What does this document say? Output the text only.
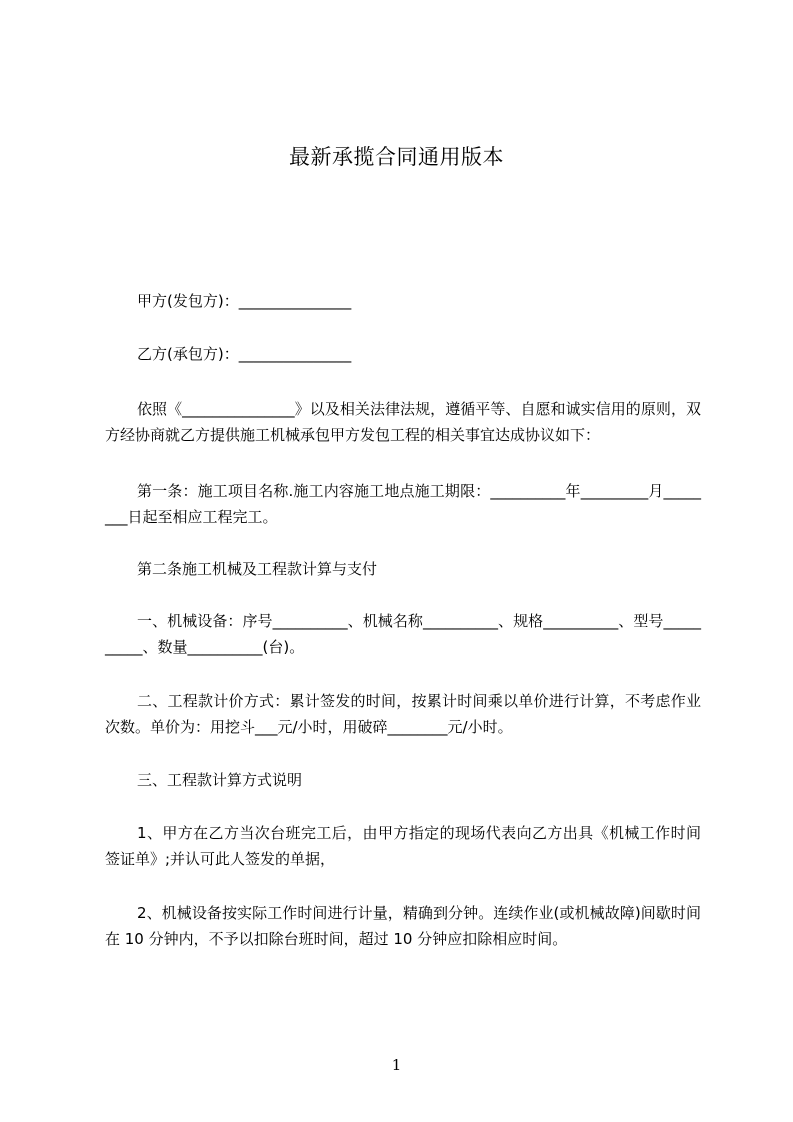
最新承揽合同通用版本
甲方(发包方)：_______________
乙方(承包方)：_______________
依照《_______________》以及相关法律法规，遵循平等、自愿和诚实信用的原则，双方经协商就乙方提供施工机械承包甲方发包工程的相关事宜达成协议如下：
第一条：施工项目名称.施工内容施工地点施工期限：__________年_________月________日起至相应工程完工。
第二条施工机械及工程款计算与支付
一、机械设备：序号__________、机械名称__________、规格__________、型号__________、数量__________(台)。
二、工程款计价方式：累计签发的时间，按累计时间乘以单价进行计算，不考虑作业次数。单价为：用挖斗___元/小时，用破碎________元/小时。
三、工程款计算方式说明
1、甲方在乙方当次台班完工后，由甲方指定的现场代表向乙方出具《机械工作时间签证单》;并认可此人签发的单据，
2、机械设备按实际工作时间进行计量，精确到分钟。连续作业(或机械故障)间歇时间在 10 分钟内，不予以扣除台班时间，超过 10 分钟应扣除相应时间。
1
